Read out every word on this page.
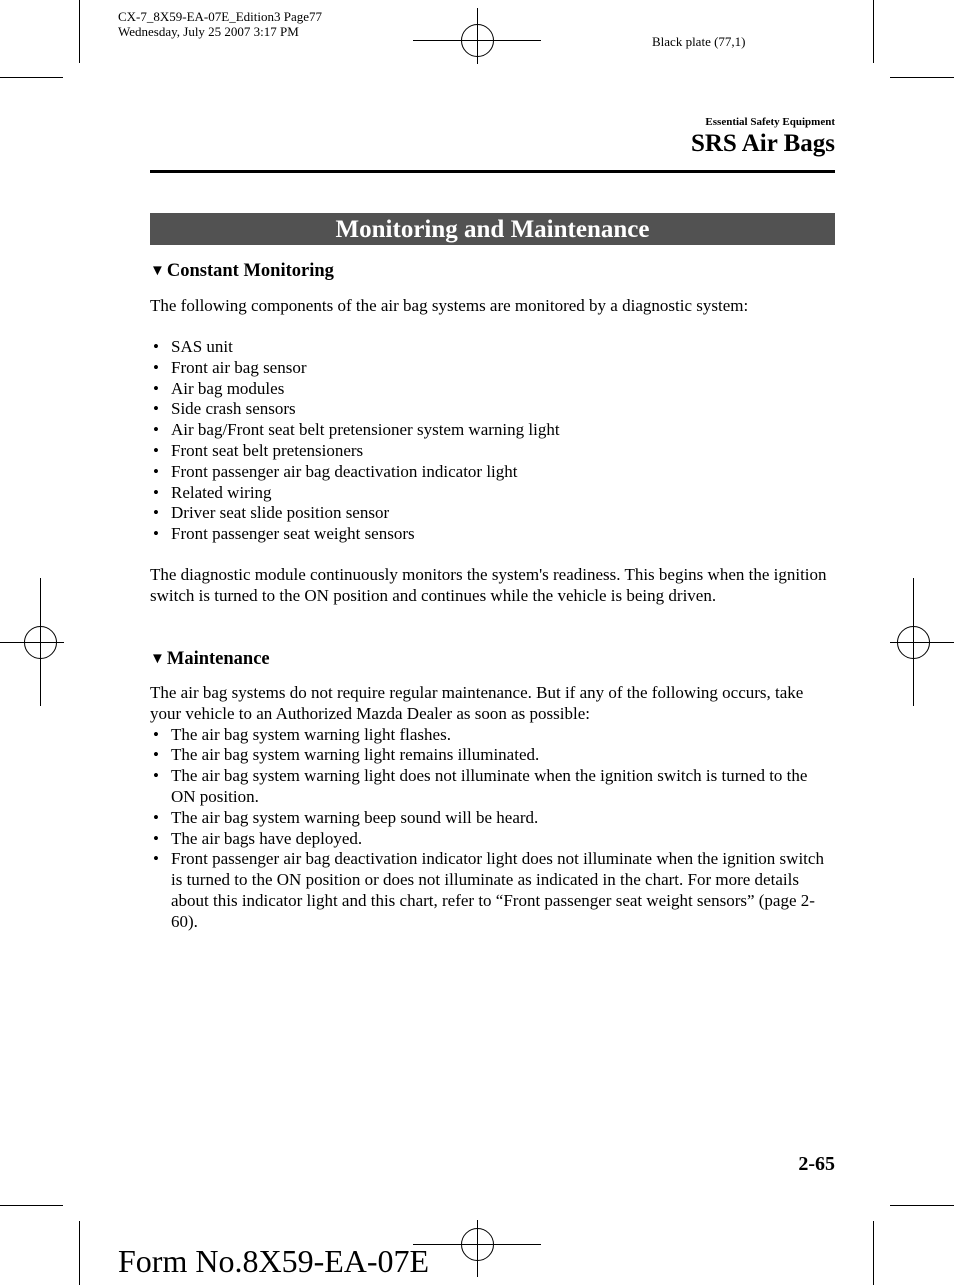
CX-7_8X59-EA-07E_Edition3 Page77
Wednesday, July 25 2007 3:17 PM
Black plate (77,1)
Essential Safety Equipment
SRS Air Bags
Monitoring and Maintenance
▼ Constant Monitoring

The following components of the air bag systems are monitored by a diagnostic system:

• SAS unit
• Front air bag sensor
• Air bag modules
• Side crash sensors
• Air bag/Front seat belt pretensioner system warning light
• Front seat belt pretensioners
• Front passenger air bag deactivation indicator light
• Related wiring
• Driver seat slide position sensor
• Front passenger seat weight sensors

The diagnostic module continuously monitors the system's readiness. This begins when the ignition switch is turned to the ON position and continues while the vehicle is being driven.

▼ Maintenance

The air bag systems do not require regular maintenance. But if any of the following occurs, take your vehicle to an Authorized Mazda Dealer as soon as possible:

• The air bag system warning light flashes.
• The air bag system warning light remains illuminated.
• The air bag system warning light does not illuminate when the ignition switch is turned to the ON position.
• The air bag system warning beep sound will be heard.
• The air bags have deployed.
• Front passenger air bag deactivation indicator light does not illuminate when the ignition switch is turned to the ON position or does not illuminate as indicated in the chart. For more details about this indicator light and this chart, refer to “Front passenger seat weight sensors” (page 2-60).
2-65
Form No.8X59-EA-07E
